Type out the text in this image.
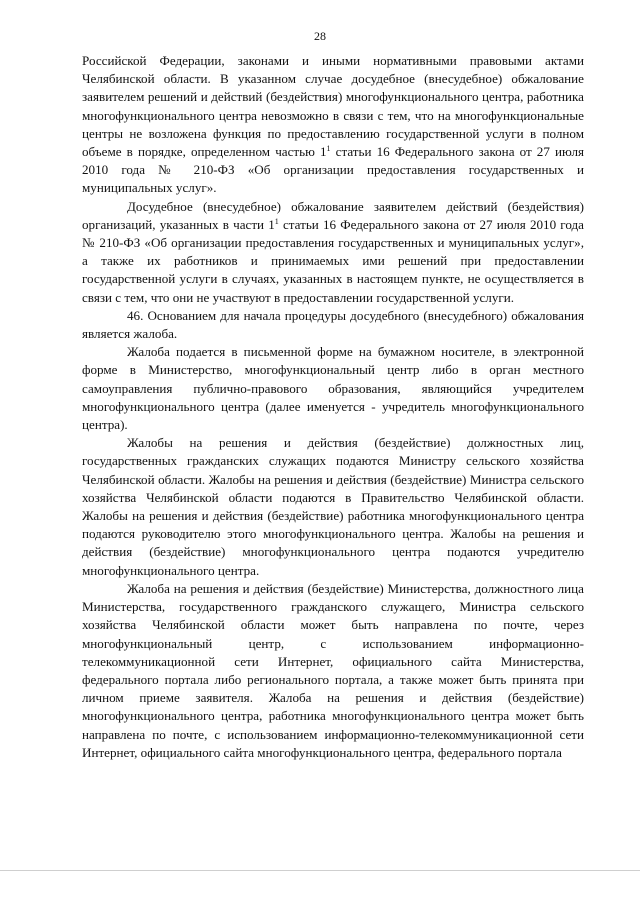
28

Российской Федерации, законами и иными нормативными правовыми актами Челябинской области. В указанном случае досудебное (внесудебное) обжалование заявителем решений и действий (бездействия) многофункционального центра, работника многофункционального центра невозможно в связи с тем, что на многофункциональные центры не возложена функция по предоставлению государственной услуги в полном объеме в порядке, определенном частью $1^1$ статьи 16 Федерального закона от 27 июля 2010 года № 210-ФЗ «Об организации предоставления государственных и муниципальных услуг».

Досудебное (внесудебное) обжалование заявителем действий (бездействия) организаций, указанных в части $1^1$ статьи 16 Федерального закона от 27 июля 2010 года № 210-ФЗ «Об организации предоставления государственных и муниципальных услуг», а также их работников и принимаемых ими решений при предоставлении государственной услуги в случаях, указанных в настоящем пункте, не осуществляется в связи с тем, что они не участвуют в предоставлении государственной услуги.

46. Основанием для начала процедуры досудебного (внесудебного) обжалования является жалоба.

Жалоба подается в письменной форме на бумажном носителе, в электронной форме в Министерство, многофункциональный центр либо в орган местного самоуправления публично-правового образования, являющийся учредителем многофункционального центра (далее именуется - учредитель многофункционального центра).

Жалобы на решения и действия (бездействие) должностных лиц, государственных гражданских служащих подаются Министру сельского хозяйства Челябинской области. Жалобы на решения и действия (бездействие) Министра сельского хозяйства Челябинской области подаются в Правительство Челябинской области. Жалобы на решения и действия (бездействие) работника многофункционального центра подаются руководителю этого многофункционального центра. Жалобы на решения и действия (бездействие) многофункционального центра подаются учредителю многофункционального центра.

Жалоба на решения и действия (бездействие) Министерства, должностного лица Министерства, государственного гражданского служащего, Министра сельского хозяйства Челябинской области может быть направлена по почте, через многофункциональный центр, с использованием информационно-телекоммуникационной сети Интернет, официального сайта Министерства, федерального портала либо регионального портала, а также может быть принята при личном приеме заявителя. Жалоба на решения и действия (бездействие) многофункционального центра, работника многофункционального центра может быть направлена по почте, с использованием информационно-телекоммуникационной сети Интернет, официального сайта многофункционального центра, федерального портала
